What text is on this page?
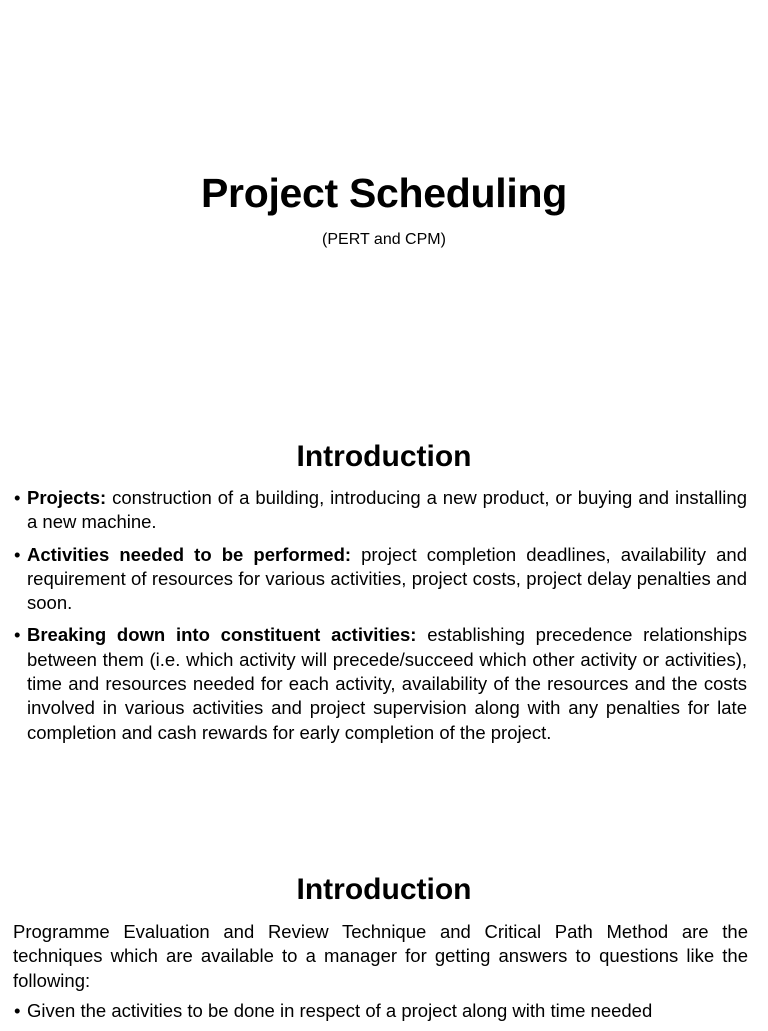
Project Scheduling
(PERT and CPM)
Introduction
• Projects: construction of a building, introducing a new product, or buying and installing a new machine.
• Activities needed to be performed: project completion deadlines, availability and requirement of resources for various activities, project costs, project delay penalties and soon.
• Breaking down into constituent activities: establishing precedence relationships between them (i.e. which activity will precede/succeed which other activity or activities), time and resources needed for each activity, availability of the resources and the costs involved in various activities and project supervision along with any penalties for late completion and cash rewards for early completion of the project.
Introduction

Programme Evaluation and Review Technique and Critical Path Method are the techniques which are available to a manager for getting answers to questions like the following:

• Given the activities to be done in respect of a project along with time needed
